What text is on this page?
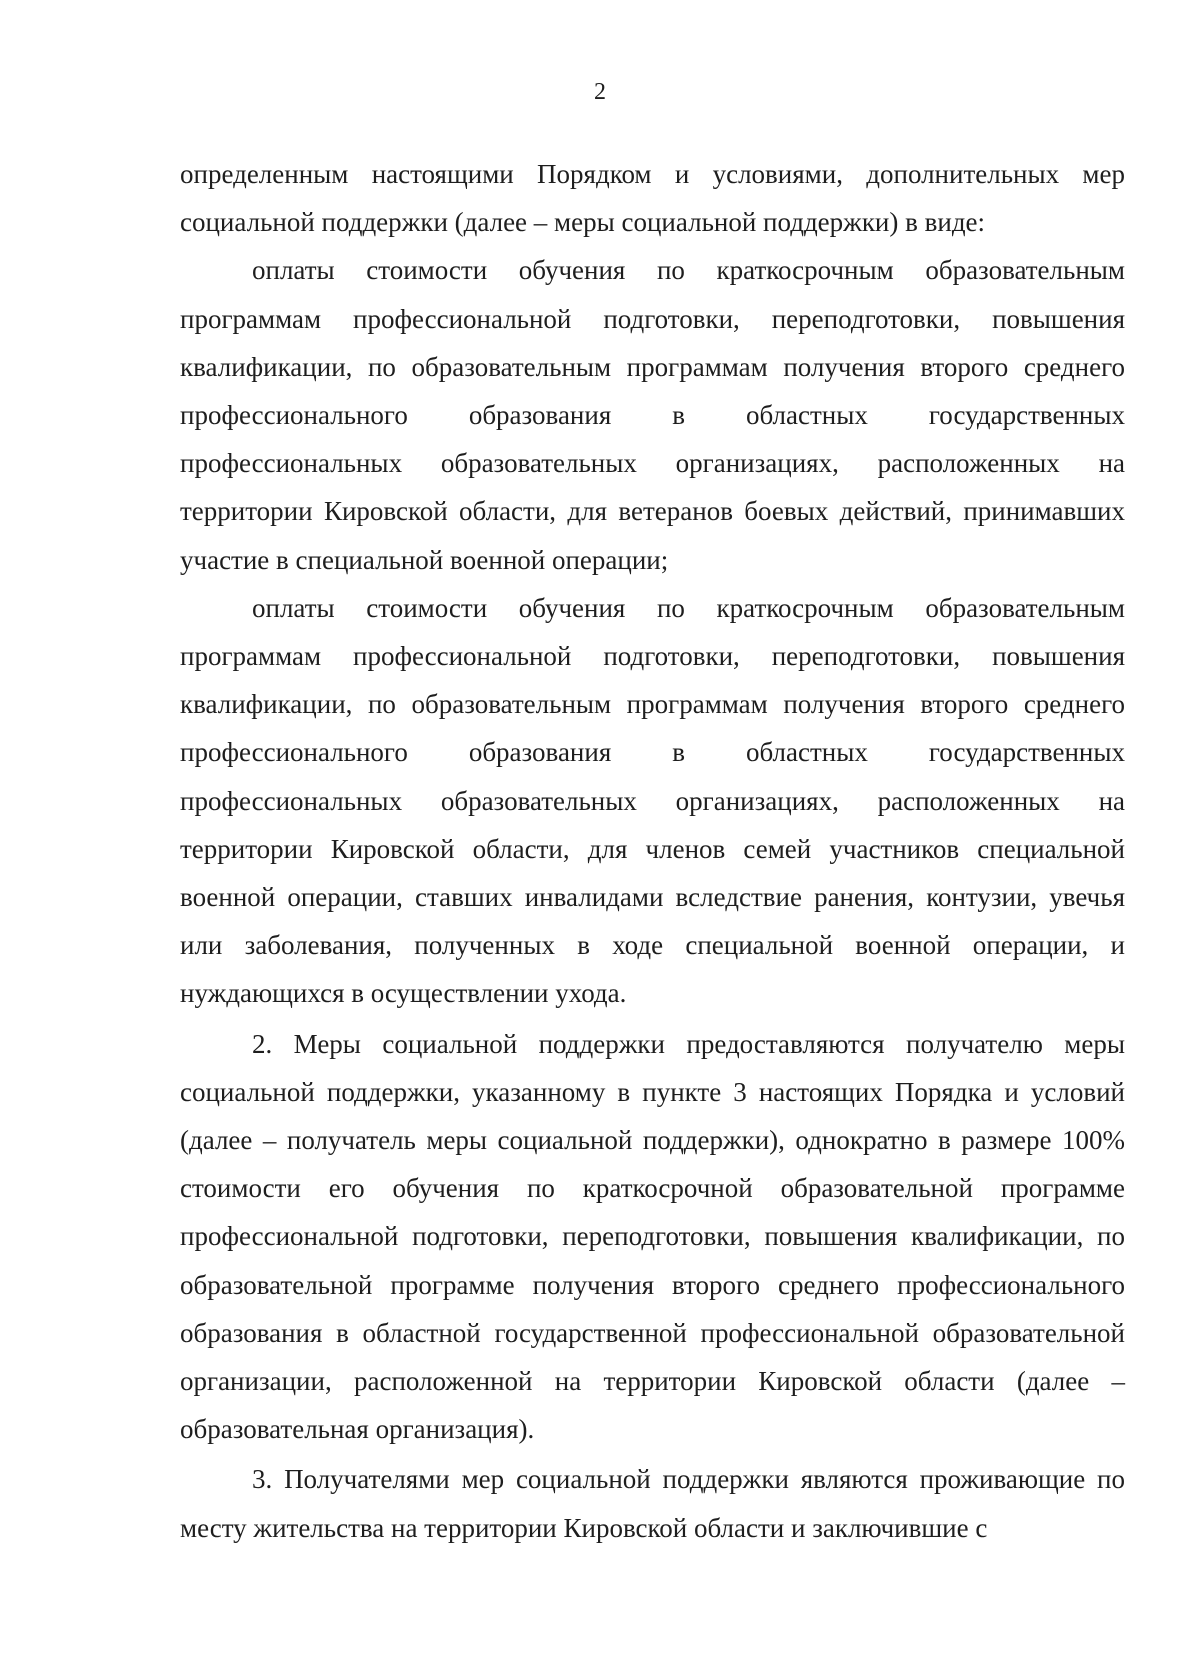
2

определенным настоящими Порядком и условиями, дополнительных мер социальной поддержки (далее – меры социальной поддержки) в виде:

оплаты стоимости обучения по краткосрочным образовательным программам профессиональной подготовки, переподготовки, повышения квалификации, по образовательным программам получения второго среднего профессионального образования в областных государственных профессиональных образовательных организациях, расположенных на территории Кировской области, для ветеранов боевых действий, принимавших участие в специальной военной операции;

оплаты стоимости обучения по краткосрочным образовательным программам профессиональной подготовки, переподготовки, повышения квалификации, по образовательным программам получения второго среднего профессионального образования в областных государственных профессиональных образовательных организациях, расположенных на территории Кировской области, для членов семей участников специальной военной операции, ставших инвалидами вследствие ранения, контузии, увечья или заболевания, полученных в ходе специальной военной операции, и нуждающихся в осуществлении ухода.

2. Меры социальной поддержки предоставляются получателю меры социальной поддержки, указанному в пункте 3 настоящих Порядка и условий (далее – получатель меры социальной поддержки), однократно в размере 100% стоимости его обучения по краткосрочной образовательной программе профессиональной подготовки, переподготовки, повышения квалификации, по образовательной программе получения второго среднего профессионального образования в областной государственной профессиональной образовательной организации, расположенной на территории Кировской области (далее – образовательная организация).

3. Получателями мер социальной поддержки являются проживающие по месту жительства на территории Кировской области и заключившие с
